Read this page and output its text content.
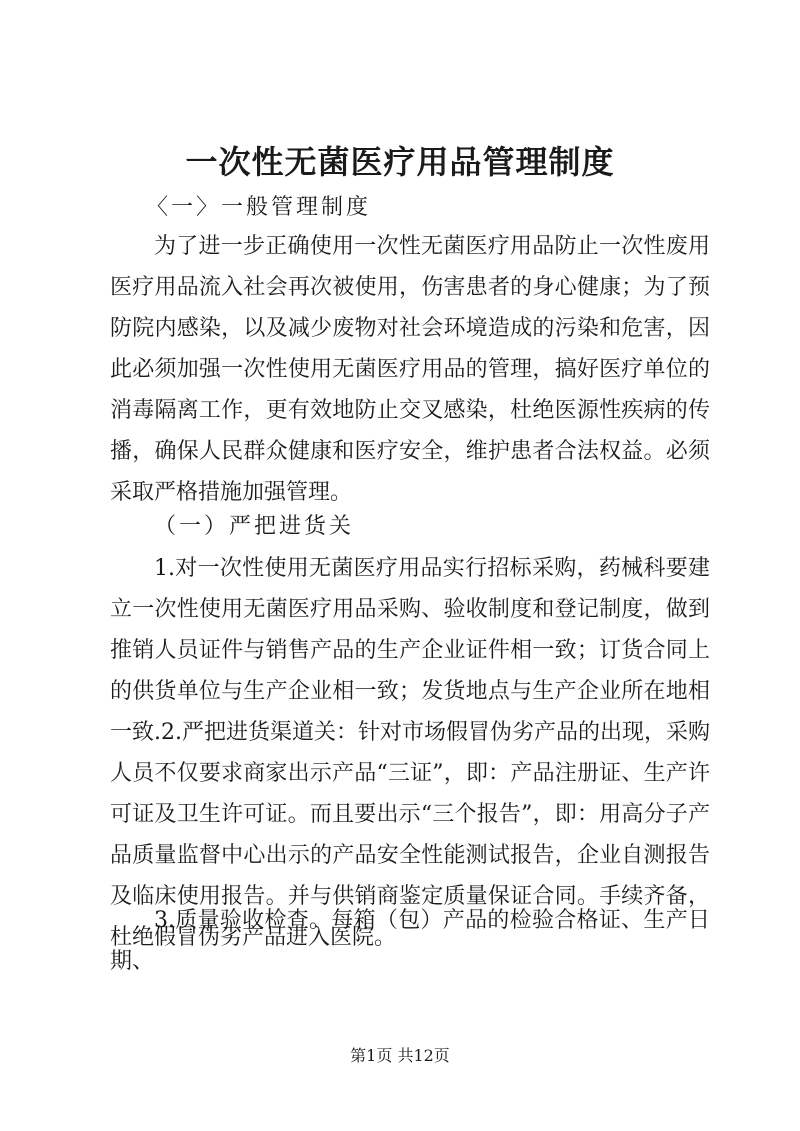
一次性无菌医疗用品管理制度

〈一〉一般管理制度

为了进一步正确使用一次性无菌医疗用品防止一次性废用医疗用品流入社会再次被使用，伤害患者的身心健康；为了预防院内感染，以及减少废物对社会环境造成的污染和危害，因此必须加强一次性使用无菌医疗用品的管理，搞好医疗单位的消毒隔离工作，更有效地防止交叉感染，杜绝医源性疾病的传播，确保人民群众健康和医疗安全，维护患者合法权益。必须采取严格措施加强管理。

（一）严把进货关

1.对一次性使用无菌医疗用品实行招标采购，药械科要建立一次性使用无菌医疗用品采购、验收制度和登记制度，做到推销人员证件与销售产品的生产企业证件相一致；订货合同上的供货单位与生产企业相一致；发货地点与生产企业所在地相一致.2.严把进货渠道关：针对市场假冒伪劣产品的出现，采购人员不仅要求商家出示产品“三证”，即：产品注册证、生产许可证及卫生许可证。而且要出示“三个报告”，即：用高分子产品质量监督中心出示的产品安全性能测试报告，企业自测报告及临床使用报告。并与供销商鉴定质量保证合同。手续齐备，杜绝假冒伪劣产品进入医院。

3.质量验收检查。每箱（包）产品的检验合格证、生产日期、

第1页 共12页
